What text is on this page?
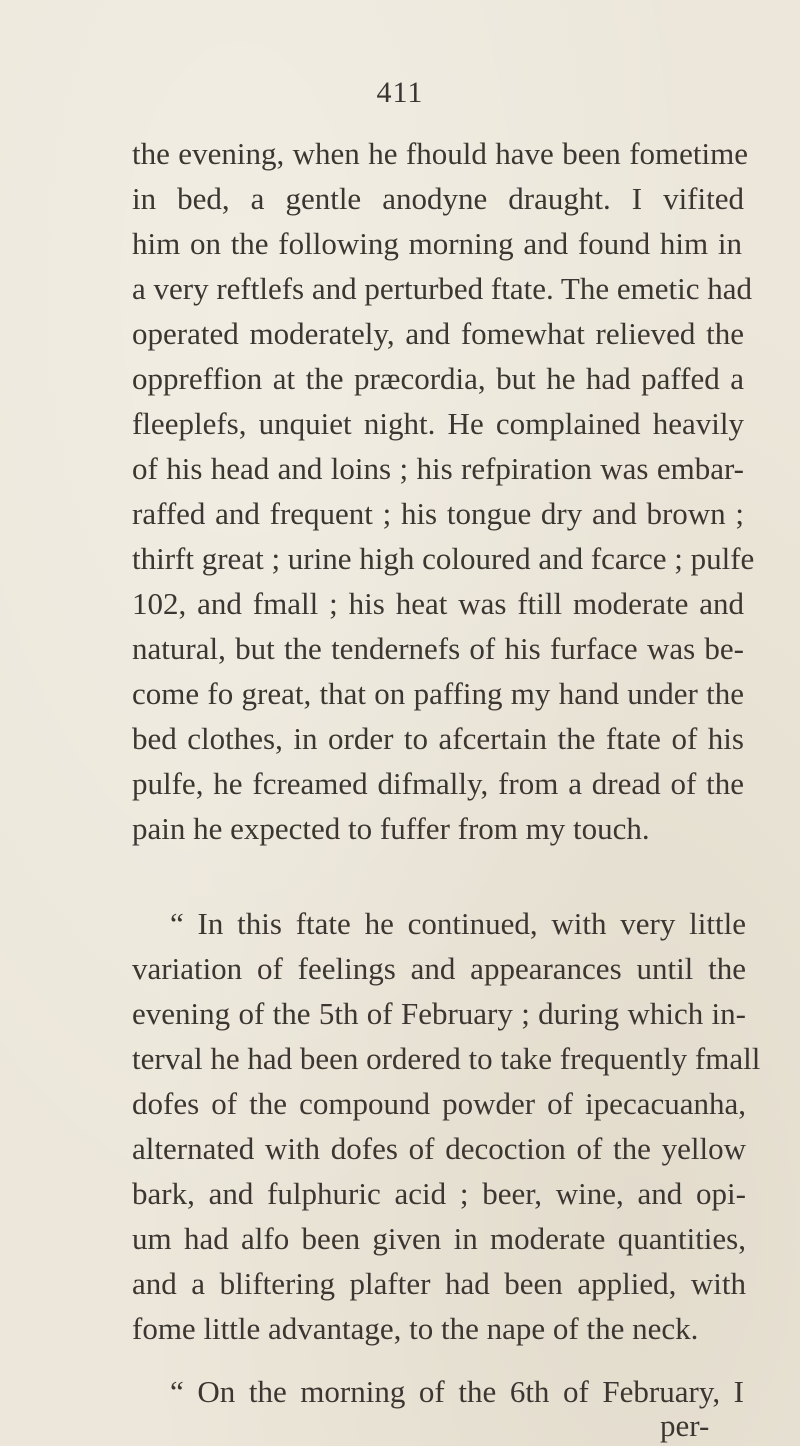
411
the evening, when he fhould have been fometime
in bed, a gentle anodyne draught. I vifited
him on the following morning and found him in
a very reftlefs and perturbed ftate. The emetic had
operated moderately, and fomewhat relieved the
oppreffion at the præcordia, but he had paffed a
fleeplefs, unquiet night. He complained heavily
of his head and loins ; his refpiration was embar-
raffed and frequent ; his tongue dry and brown ;
thirft great ; urine high coloured and fcarce ; pulfe
102, and fmall ; his heat was ftill moderate and
natural, but the tendernefs of his furface was be-
come fo great, that on paffing my hand under the
bed clothes, in order to afcertain the ftate of his
pulfe, he fcreamed difmally, from a dread of the
pain he expected to fuffer from my touch.
“ In this ftate he continued, with very little
variation of feelings and appearances until the
evening of the 5th of February ; during which in-
terval he had been ordered to take frequently fmall
dofes of the compound powder of ipecacuanha,
alternated with dofes of decoction of the yellow
bark, and fulphuric acid ; beer, wine, and opi-
um had alfo been given in moderate quantities,
and a bliftering plafter had been applied, with
fome little advantage, to the nape of the neck.
“ On the morning of the 6th of February, I
per-
